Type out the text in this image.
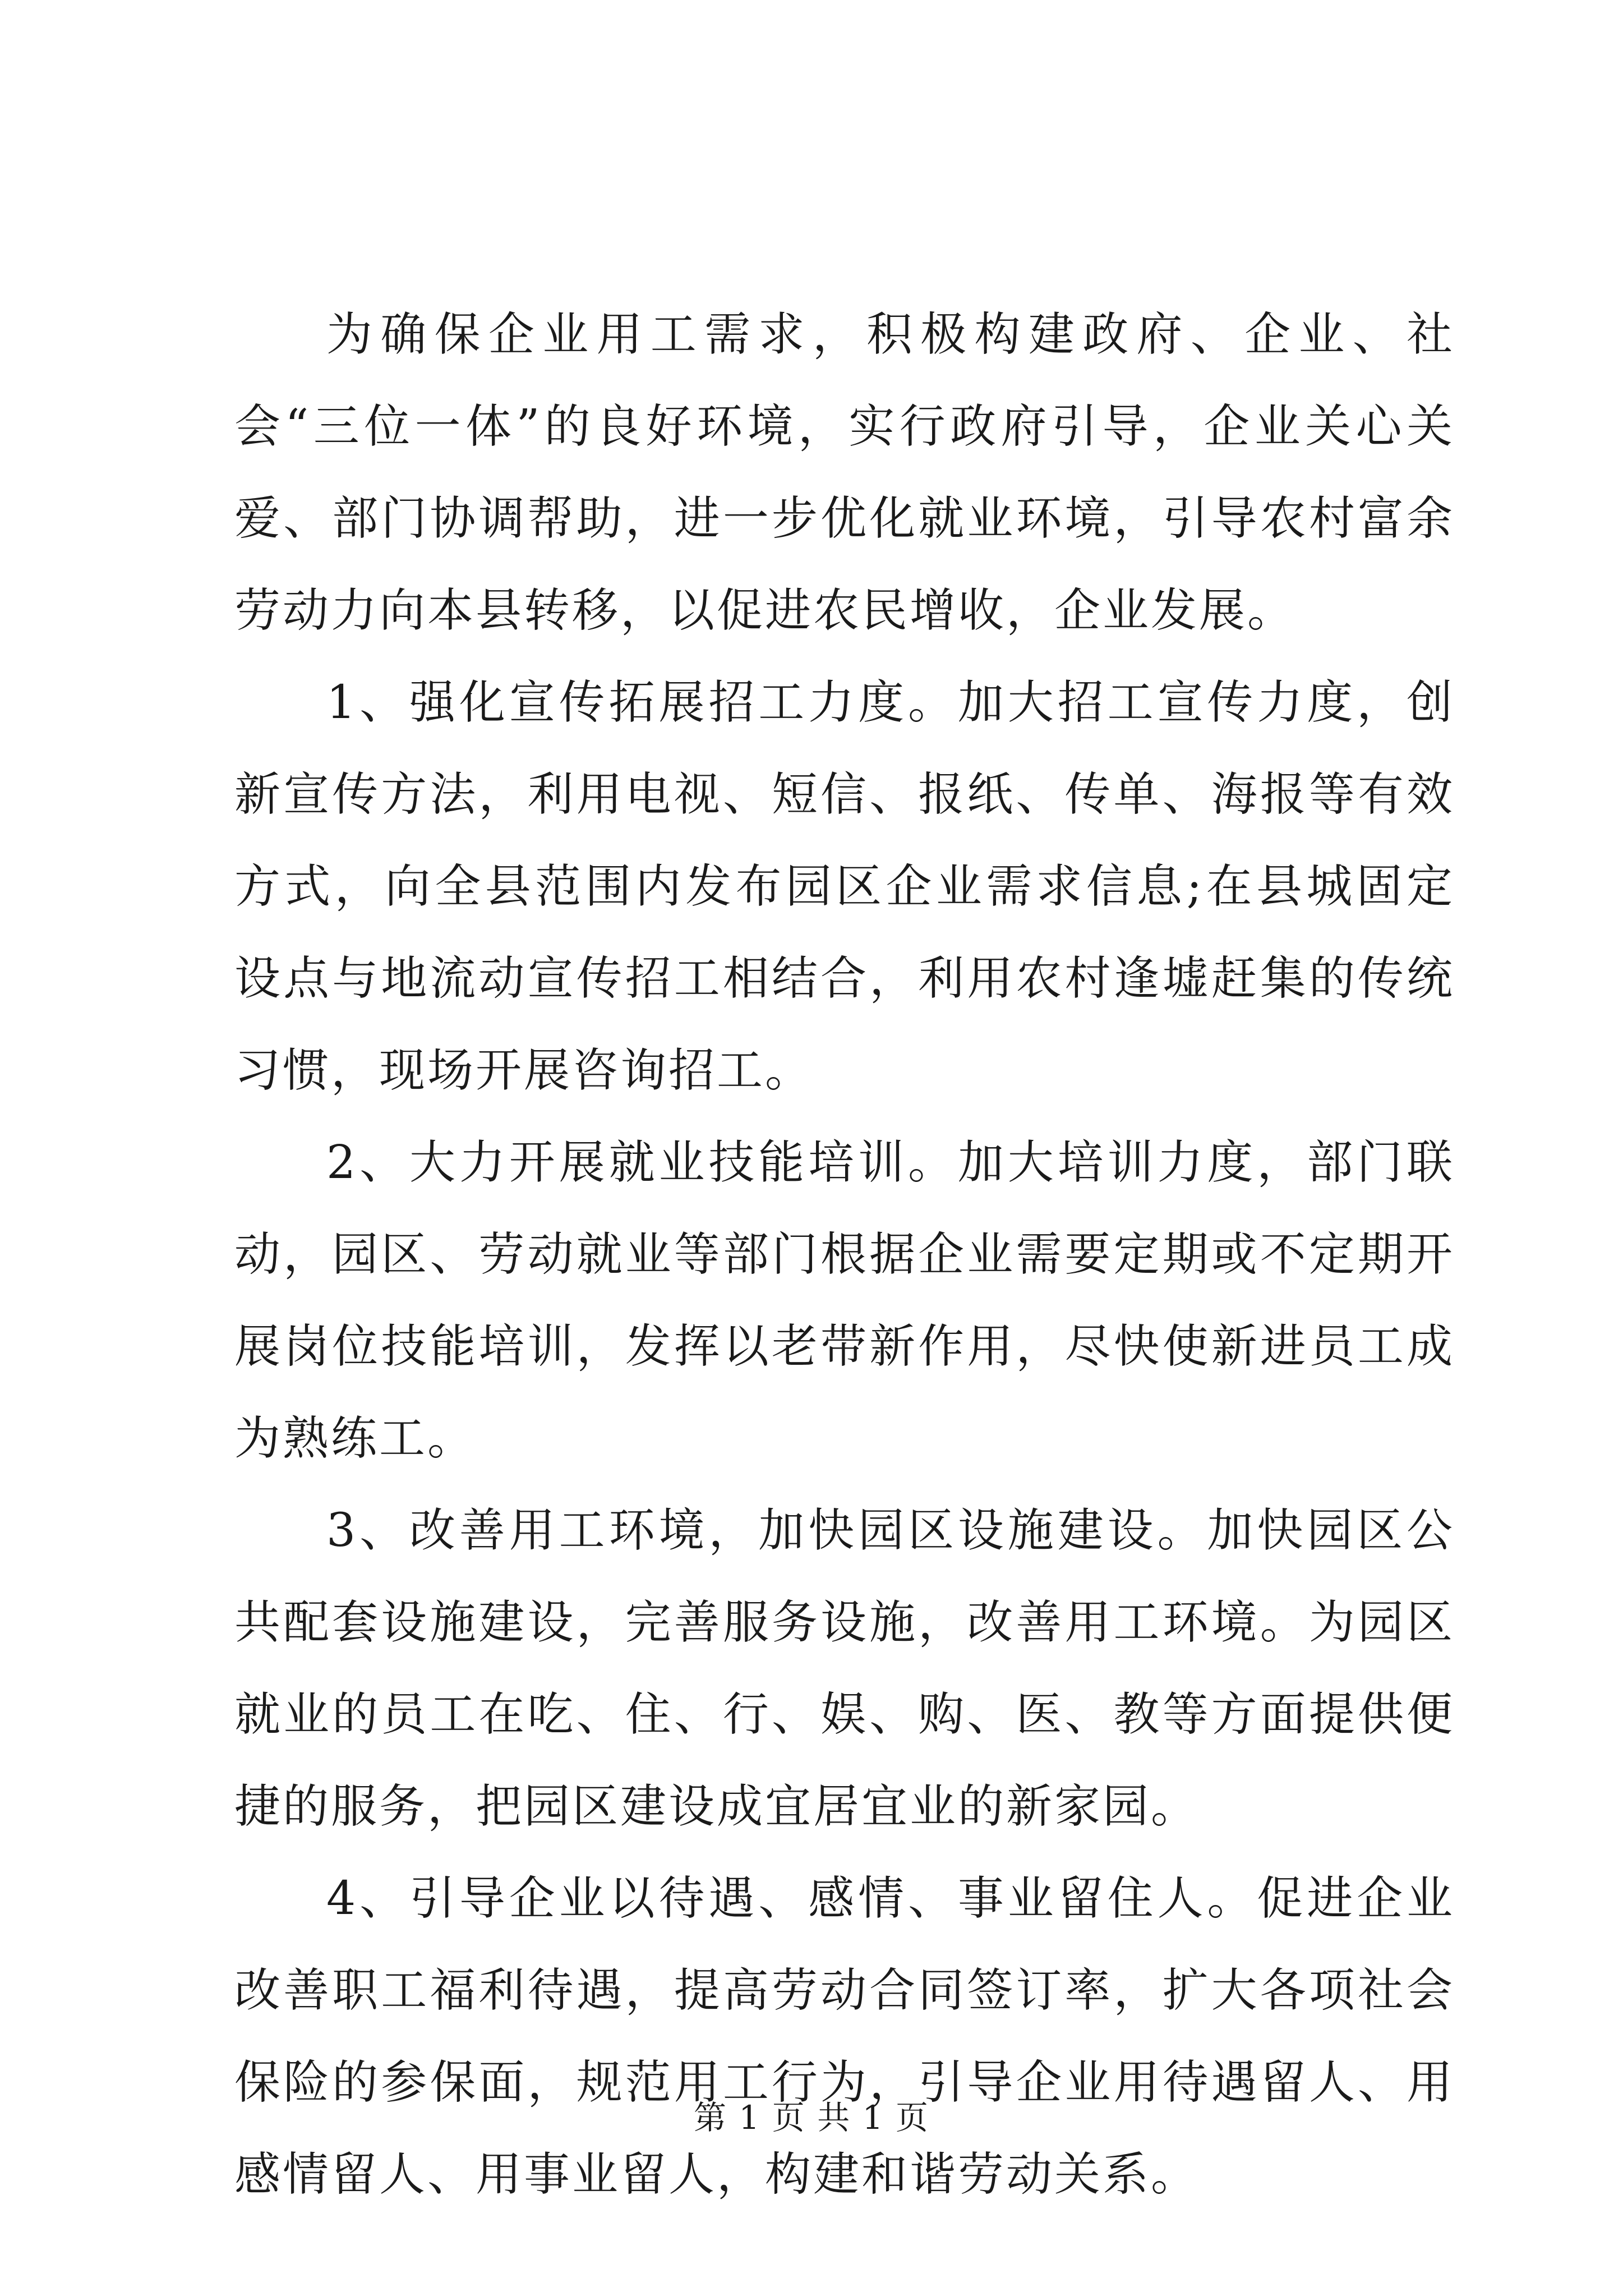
为确保企业用工需求，积极构建政府、企业、社会“三位一体”的良好环境，实行政府引导，企业关心关爱、部门协调帮助，进一步优化就业环境，引导农村富余劳动力向本县转移，以促进农民增收，企业发展。

1、强化宣传拓展招工力度。加大招工宣传力度，创新宣传方法，利用电视、短信、报纸、传单、海报等有效方式，向全县范围内发布园区企业需求信息;在县城固定设点与地流动宣传招工相结合，利用农村逢墟赶集的传统习惯，现场开展咨询招工。

2、大力开展就业技能培训。加大培训力度，部门联动，园区、劳动就业等部门根据企业需要定期或不定期开展岗位技能培训，发挥以老带新作用，尽快使新进员工成为熟练工。

3、改善用工环境，加快园区设施建设。加快园区公共配套设施建设，完善服务设施，改善用工环境。为园区就业的员工在吃、住、行、娱、购、医、教等方面提供便捷的服务，把园区建设成宜居宜业的新家园。

4、引导企业以待遇、感情、事业留住人。促进企业改善职工福利待遇，提高劳动合同签订率，扩大各项社会保险的参保面，规范用工行为，引导企业用待遇留人、用感情留人、用事业留人，构建和谐劳动关系。

第 1 页 共 1 页
